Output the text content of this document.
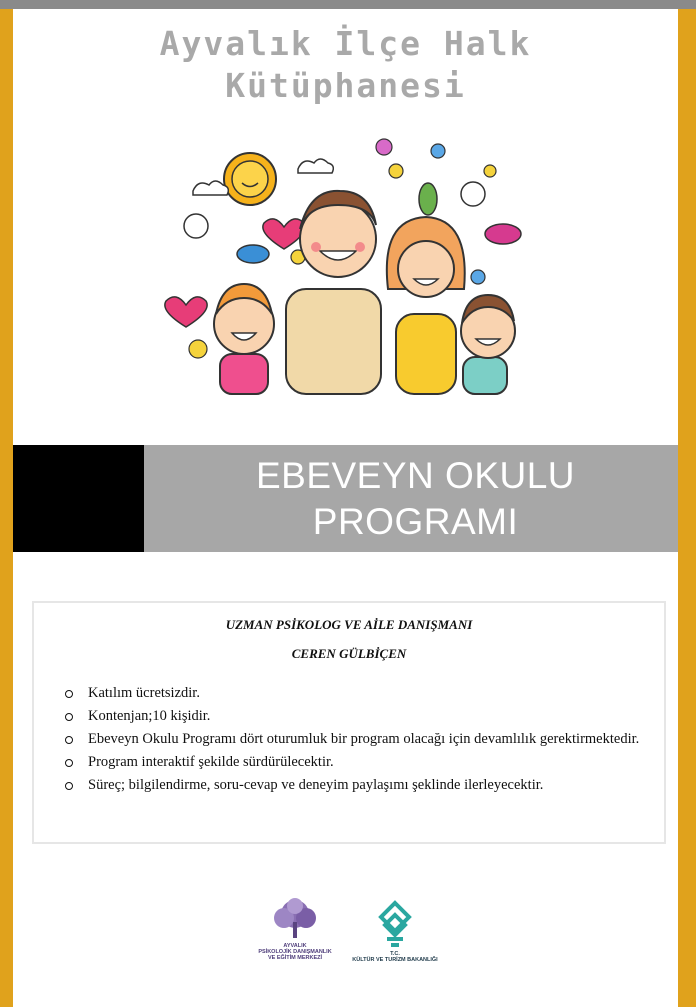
Ayvalık İlçe Halk
Kütüphanesi
EBEVEYN OKULU
PROGRAMI
UZMAN PSİKOLOG VE AİLE DANIŞMANI
CEREN GÜLBİÇEN
Katılım ücretsizdir.
Kontenjan;10 kişidir.
Ebeveyn Okulu Programı dört oturumluk bir program olacağı için devamlılık gerektirmektedir.
Program interaktif şekilde sürdürülecektir.
Süreç; bilgilendirme, soru-cevap ve deneyim paylaşımı şeklinde ilerleyecektir.
AYVALIK
PSİKOLOJİK DANIŞMANLIK
VE EĞİTİM MERKEZİ
T.C.
KÜLTÜR VE TURİZM BAKANLIĞI
